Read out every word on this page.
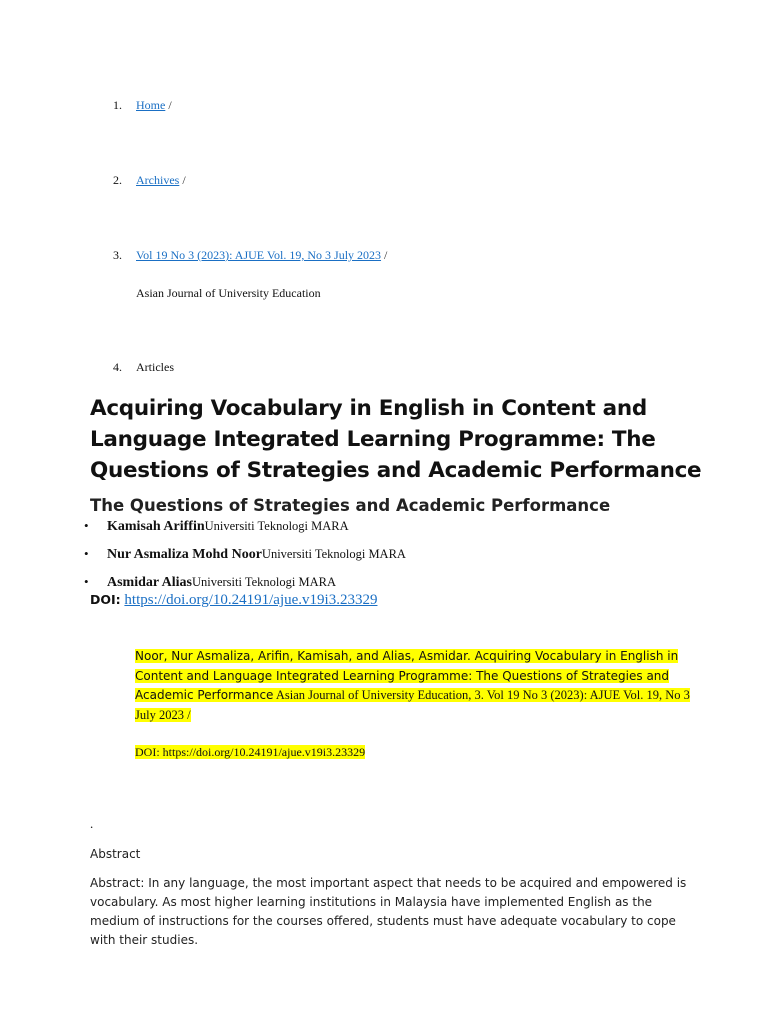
1. Home /
2. Archives /
3. Vol 19 No 3 (2023): AJUE Vol. 19, No 3 July 2023 /
Asian Journal of University Education
4. Articles
Acquiring Vocabulary in English in Content and Language Integrated Learning Programme: The Questions of Strategies and Academic Performance
The Questions of Strategies and Academic Performance
• Kamisah AriffinUniversiti Teknologi MARA
• Nur Asmaliza Mohd NoorUniversiti Teknologi MARA
• Asmidar AliasUniversiti Teknologi MARA
DOI: https://doi.org/10.24191/ajue.v19i3.23329
Noor, Nur Asmaliza, Arifin, Kamisah, and Alias, Asmidar. Acquiring Vocabulary in English in Content and Language Integrated Learning Programme: The Questions of Strategies and Academic Performance Asian Journal of University Education, 3. Vol 19 No 3 (2023): AJUE Vol. 19, No 3 July 2023 /
DOI: https://doi.org/10.24191/ajue.v19i3.23329
.
Abstract

Abstract: In any language, the most important aspect that needs to be acquired and empowered is vocabulary. As most higher learning institutions in Malaysia have implemented English as the medium of instructions for the courses offered, students must have adequate vocabulary to cope with their studies.
